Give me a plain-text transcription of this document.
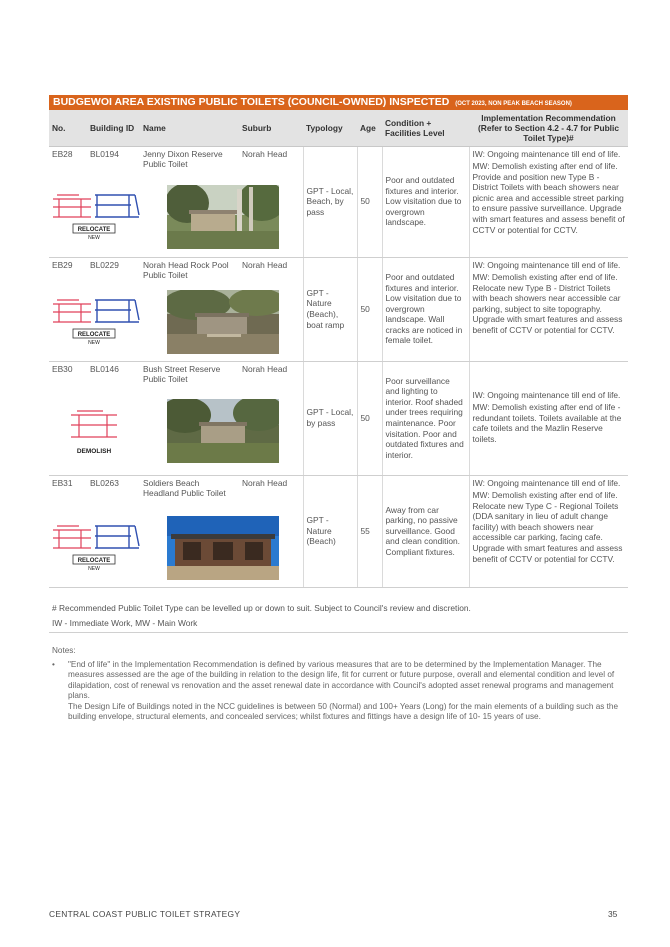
BUDGEWOI AREA EXISTING PUBLIC TOILETS (COUNCIL-OWNED) INSPECTED (OCT 2023, NON PEAK BEACH SEASON)
No.	Building ID	Name	Suburb	Typology	Age	Condition + Facilities Level	Implementation Recommendation (Refer to Section 4.2 - 4.7 for Public Toilet Type)#
EB28	BL0194	Jenny Dixon Reserve Public Toilet	Norah Head	GPT - Local, Beach, by pass	50	Poor and outdated fixtures and interior. Low visitation due to overgrown landscape.	IW: Ongoing maintenance till end of life.

MW: Demolish existing after end of life. Provide and position new Type B - District Toilets with beach showers near picnic area and accessible street parking to ensure passive surveillance. Upgrade with smart features and assess benefit of CCTV or potential for CCTV.

RELOCATE
NEW							

EB29	BL0229	Norah Head Rock Pool Public Toilet	Norah Head	GPT - Nature (Beach), boat ramp	50	Poor and outdated fixtures and interior. Low visitation due to overgrown landscape. Wall cracks are noticed in female toilet.	IW: Ongoing maintenance till end of life.

MW: Demolish existing after end of life. Relocate new Type B - District Toilets with beach showers near accessible car parking, subject to site topography. Upgrade with smart features and assess benefit of CCTV or potential for CCTV.

RELOCATE
NEW							

EB30	BL0146	Bush Street Reserve Public Toilet	Norah Head	GPT - Local, by pass	50	Poor surveillance and lighting to interior. Roof shaded under trees requiring maintenance. Poor visitation. Poor and outdated fixtures and interior.	IW: Ongoing maintenance till end of life.

MW: Demolish existing after end of life - redundant toilets. Toilets available at the cafe toilets and the Mazlin Reserve toilets.

DEMOLISH							

EB31	BL0263	Soldiers Beach Headland Public Toilet	Norah Head	GPT - Nature (Beach)	55	Away from car parking, no passive surveillance. Good and clean condition. Compliant fixtures.	IW: Ongoing maintenance till end of life.

MW: Demolish existing after end of life. Relocate new Type C - Regional Toilets (DDA sanitary in lieu of adult change facility) with beach showers near accessible car parking, facing cafe. Upgrade with smart features and assess benefit of CCTV or potential for CCTV.

RELOCATE
NEW							
# Recommended Public Toilet Type can be levelled up or down to suit. Subject to Council's review and discretion.
IW - Immediate Work, MW - Main Work
Notes:
• "End of life" in the Implementation Recommendation is defined by various measures that are to be determined by the Implementation Manager. The measures assessed are the age of the building in relation to the design life, fit for current or future purpose, overall and elemental condition and level of dilapidation, cost of renewal vs renovation and the asset renewal date in accordance with Council's adopted asset renewal programs and management plans.
The Design Life of Buildings noted in the NCC guidelines is between 50 (Normal) and 100+ Years (Long) for the main elements of a building such as the building envelope, structural elements, and concealed services; whilst fixtures and fittings have a design life of 10- 15 years of use.
CENTRAL COAST PUBLIC TOILET STRATEGY	35
